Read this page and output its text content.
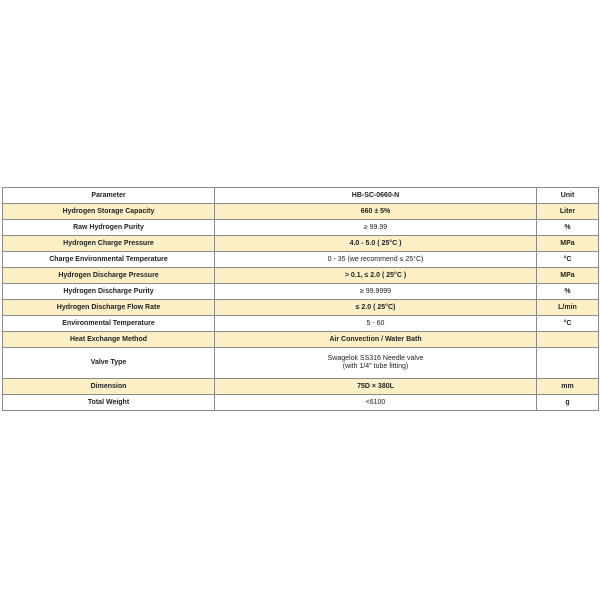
Parameter	HB-SC-0660-N	Unit
Hydrogen Storage Capacity	660 ± 5%	Liter
Raw Hydrogen Purity	≥ 99.99	%
Hydrogen Charge Pressure	4.0 - 5.0 ( 25°C )	MPa
Charge Environmental Temperature	0 - 35 (we recommend ≤ 25°C)	°C
Hydrogen Discharge Pressure	> 0.1, ≤ 2.0 ( 25°C )	MPa
Hydrogen Discharge Purity	≥ 99.9999	%
Hydrogen Discharge Flow Rate	≤ 2.0 ( 25°C)	L/min
Environmental Temperature	5 - 60	°C
Heat Exchange Method	Air Convection / Water Bath	
Valve Type	Swagelok SS316 Needle valve
(with 1/4" tube fitting)	

Dimension	75D × 380L	mm
Total Weight	<6100	g
